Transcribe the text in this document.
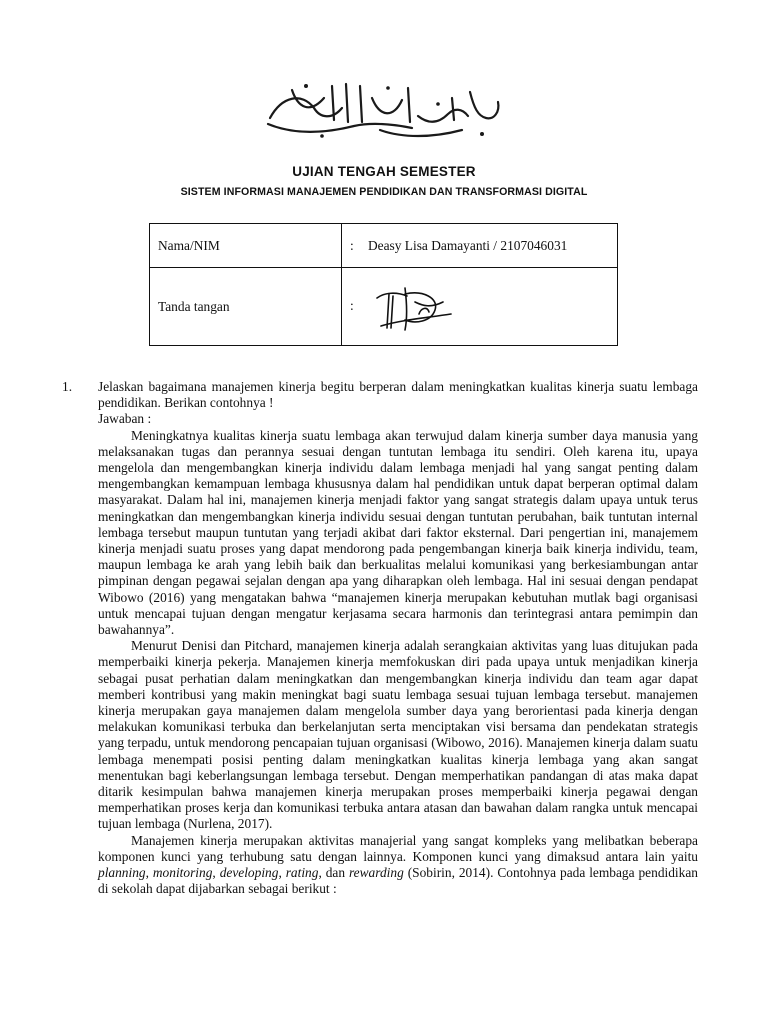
UJIAN TENGAH SEMESTER
SISTEM INFORMASI MANAJEMEN PENDIDIKAN DAN TRANSFORMASI DIGITAL
Nama/NIM	: Deasy Lisa Damayanti / 2107046031
Tanda tangan	:
1. Jelaskan bagaimana manajemen kinerja begitu berperan dalam meningkatkan kualitas kinerja suatu lembaga pendidikan. Berikan contohnya !

Jawaban :

Meningkatnya kualitas kinerja suatu lembaga akan terwujud dalam kinerja sumber daya manusia yang melaksanakan tugas dan perannya sesuai dengan tuntutan lembaga itu sendiri. Oleh karena itu, upaya mengelola dan mengembangkan kinerja individu dalam lembaga menjadi hal yang sangat penting dalam mengembangkan kemampuan lembaga khususnya dalam hal pendidikan untuk dapat berperan optimal dalam masyarakat. Dalam hal ini, manajemen kinerja menjadi faktor yang sangat strategis dalam upaya untuk terus meningkatkan dan mengembangkan kinerja individu sesuai dengan tuntutan perubahan, baik tuntutan internal lembaga tersebut maupun tuntutan yang terjadi akibat dari faktor eksternal. Dari pengertian ini, manajemem kinerja menjadi suatu proses yang dapat mendorong pada pengembangan kinerja baik kinerja individu, team, maupun lembaga ke arah yang lebih baik dan berkualitas melalui komunikasi yang berkesiambungan antar pimpinan dengan pegawai sejalan dengan apa yang diharapkan oleh lembaga. Hal ini sesuai dengan pendapat Wibowo (2016) yang mengatakan bahwa “manajemen kinerja merupakan kebutuhan mutlak bagi organisasi untuk mencapai tujuan dengan mengatur kerjasama secara harmonis dan terintegrasi antara pemimpin dan bawahannya”.

Menurut Denisi dan Pitchard, manajemen kinerja adalah serangkaian aktivitas yang luas ditujukan pada memperbaiki kinerja pekerja. Manajemen kinerja memfokuskan diri pada upaya untuk menjadikan kinerja sebagai pusat perhatian dalam meningkatkan dan mengembangkan kinerja individu dan team agar dapat memberi kontribusi yang makin meningkat bagi suatu lembaga sesuai tujuan lembaga tersebut. manajemen kinerja merupakan gaya manajemen dalam mengelola sumber daya yang berorientasi pada kinerja dengan melakukan komunikasi terbuka dan berkelanjutan serta menciptakan visi bersama dan pendekatan strategis yang terpadu, untuk mendorong pencapaian tujuan organisasi (Wibowo, 2016). Manajemen kinerja dalam suatu lembaga menempati posisi penting dalam meningkatkan kualitas kinerja lembaga yang akan sangat menentukan bagi keberlangsungan lembaga tersebut. Dengan memperhatikan pandangan di atas maka dapat ditarik kesimpulan bahwa manajemen kinerja merupakan proses memperbaiki kinerja pegawai dengan memperhatikan proses kerja dan komunikasi terbuka antara atasan dan bawahan dalam rangka untuk mencapai tujuan lembaga (Nurlena, 2017).

Manajemen kinerja merupakan aktivitas manajerial yang sangat kompleks yang melibatkan beberapa komponen kunci yang terhubung satu dengan lainnya. Komponen kunci yang dimaksud antara lain yaitu planning, monitoring, developing, rating, dan rewarding (Sobirin, 2014). Contohnya pada lembaga pendidikan di sekolah dapat dijabarkan sebagai berikut :
